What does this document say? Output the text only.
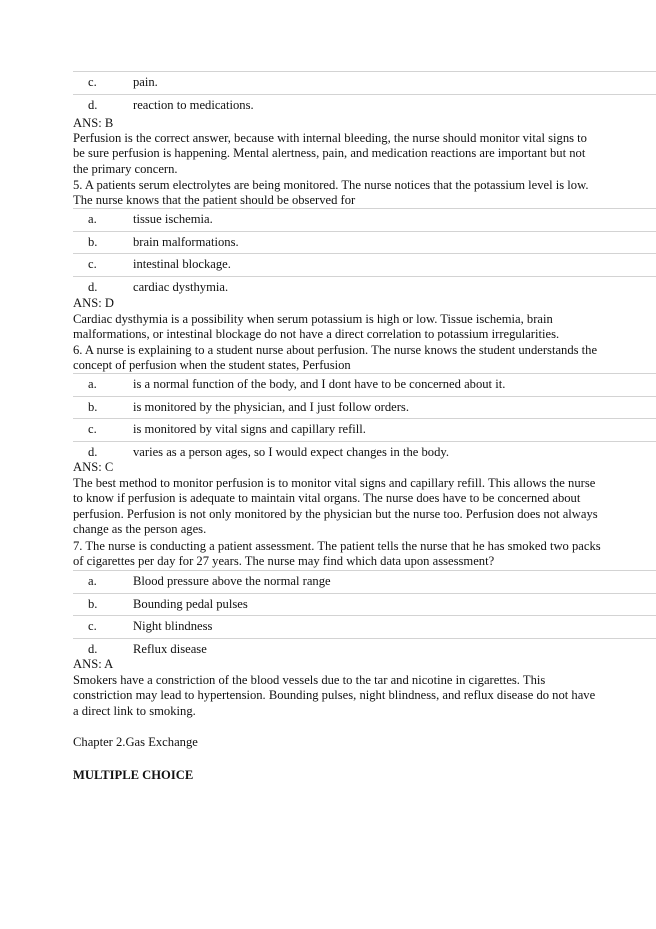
c.	pain.
d.	reaction to medications.
ANS: B
Perfusion is the correct answer, because with internal bleeding, the nurse should monitor vital signs to be sure perfusion is happening. Mental alertness, pain, and medication reactions are important but not the primary concern.
5. A patients serum electrolytes are being monitored. The nurse notices that the potassium level is low. The nurse knows that the patient should be observed for
a.	tissue ischemia.
b.	brain malformations.
c.	intestinal blockage.
d.	cardiac dysthymia.
ANS: D
Cardiac dysthymia is a possibility when serum potassium is high or low. Tissue ischemia, brain malformations, or intestinal blockage do not have a direct correlation to potassium irregularities.
6. A nurse is explaining to a student nurse about perfusion. The nurse knows the student understands the concept of perfusion when the student states, Perfusion
a.	is a normal function of the body, and I dont have to be concerned about it.
b.	is monitored by the physician, and I just follow orders.
c.	is monitored by vital signs and capillary refill.
d.	varies as a person ages, so I would expect changes in the body.
ANS: C
The best method to monitor perfusion is to monitor vital signs and capillary refill. This allows the nurse to know if perfusion is adequate to maintain vital organs. The nurse does have to be concerned about perfusion. Perfusion is not only monitored by the physician but the nurse too. Perfusion does not always change as the person ages.
7. The nurse is conducting a patient assessment. The patient tells the nurse that he has smoked two packs of cigarettes per day for 27 years. The nurse may find which data upon assessment?
a.	Blood pressure above the normal range
b.	Bounding pedal pulses
c.	Night blindness
d.	Reflux disease
ANS: A
Smokers have a constriction of the blood vessels due to the tar and nicotine in cigarettes. This constriction may lead to hypertension. Bounding pulses, night blindness, and reflux disease do not have a direct link to smoking.
Chapter 2.Gas Exchange
MULTIPLE CHOICE
